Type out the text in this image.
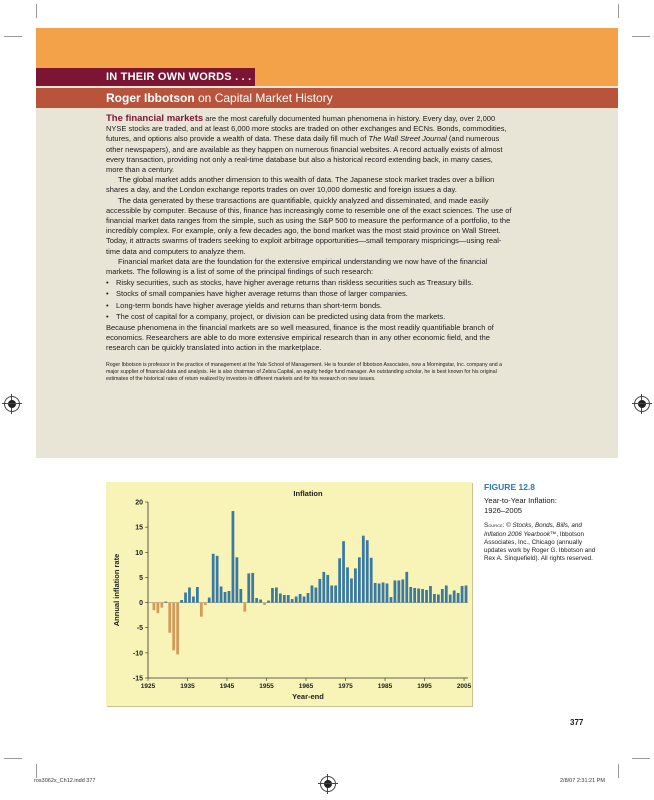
IN THEIR OWN WORDS . . .
Roger Ibbotson on Capital Market History

The financial markets are the most carefully documented human phenomena in history. Every day, over 2,000 NYSE stocks are traded, and at least 6,000 more stocks are traded on other exchanges and ECNs. Bonds, commodities, futures, and options also provide a wealth of data. These data daily fill much of The Wall Street Journal (and numerous other newspapers), and are available as they happen on numerous financial websites. A record actually exists of almost every transaction, providing not only a real-time database but also a historical record extending back, in many cases, more than a century.

The global market adds another dimension to this wealth of data. The Japanese stock market trades over a billion shares a day, and the London exchange reports trades on over 10,000 domestic and foreign issues a day.

The data generated by these transactions are quantifiable, quickly analyzed and disseminated, and made easily accessible by computer. Because of this, finance has increasingly come to resemble one of the exact sciences. The use of financial market data ranges from the simple, such as using the S&P 500 to measure the performance of a portfolio, to the incredibly complex. For example, only a few decades ago, the bond market was the most staid province on Wall Street. Today, it attracts swarms of traders seeking to exploit arbitrage opportunities—small temporary mispricings—using real-time data and computers to analyze them.

Financial market data are the foundation for the extensive empirical understanding we now have of the financial markets. The following is a list of some of the principal findings of such research:

• Risky securities, such as stocks, have higher average returns than riskless securities such as Treasury bills.
• Stocks of small companies have higher average returns than those of larger companies.
• Long-term bonds have higher average yields and returns than short-term bonds.
• The cost of capital for a company, project, or division can be predicted using data from the markets.

Because phenomena in the financial markets are so well measured, finance is the most readily quantifiable branch of economics. Researchers are able to do more extensive empirical research than in any other economic field, and the research can be quickly translated into action in the marketplace.

Roger Ibbotson is professor in the practice of management at the Yale School of Management. He is founder of Ibbotson Associates, now a Morningstar, Inc. company and a major supplier of financial data and analysis. He is also chairman of Zebra Capital, an equity hedge fund manager. An outstanding scholar, he is best known for his original estimates of the historical rates of return realized by investors in different markets and for his research on new issues.

-15
-10
-5
0
5
10
15
20
1925	1935	1945	1955	1965	1975	1985	1995	2005
Inflation
Year-end
Annual inflation rate
FIGURE 12.8
Year-to-Year Inflation:
1926–2005
Source: © Stocks, Bonds, Bills, and Inflation 2006 Yearbook™, Ibbotson Associates, Inc., Chicago (annually updates work by Roger G. Ibbotson and Rex A. Sinquefield). All rights reserved.
377
ros3062x_Ch12.indd 377	2/8/07 2:31:21 PM
